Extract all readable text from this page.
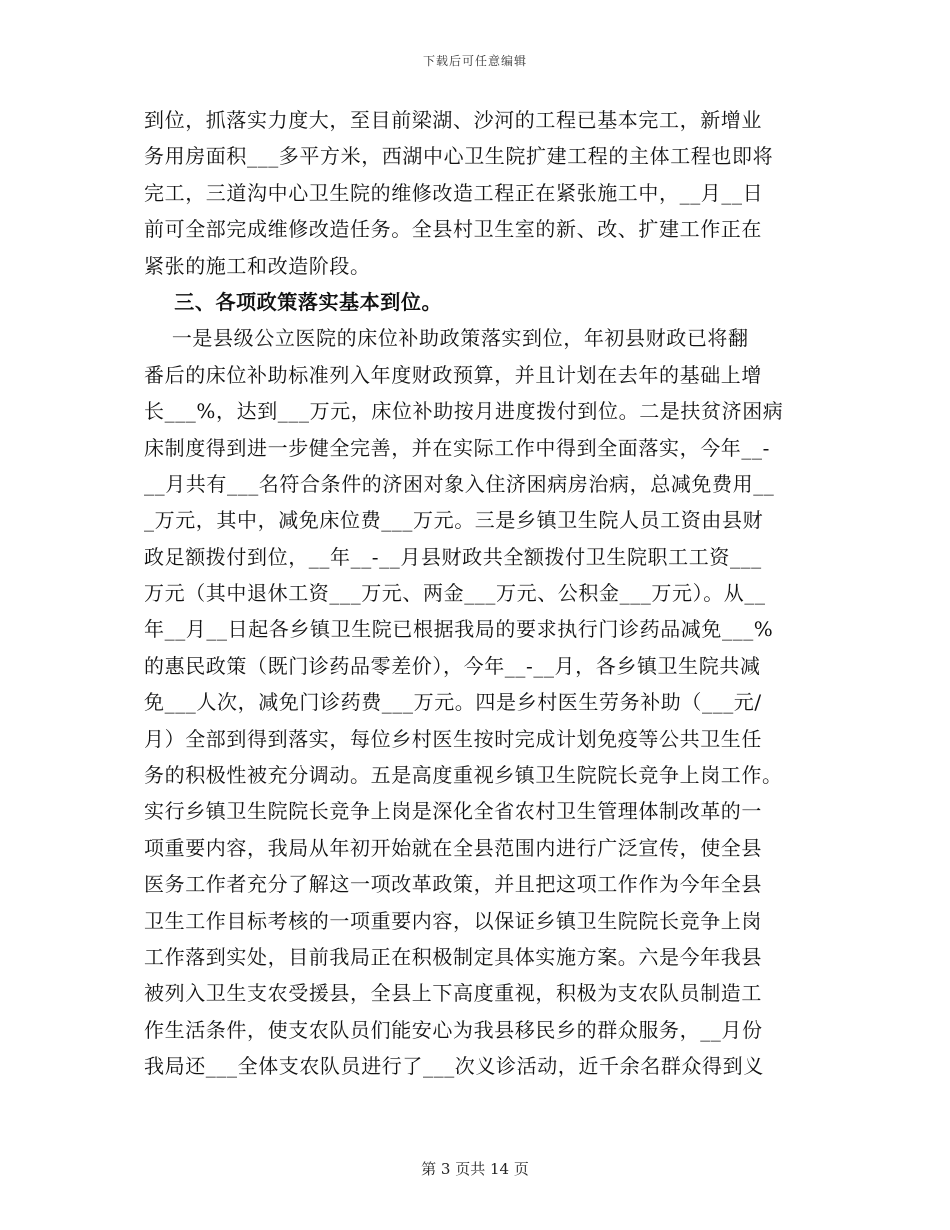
下载后可任意编辑
到位，抓落实力度大，至目前梁湖、沙河的工程已基本完工，新增业
务用房面积___多平方米，西湖中心卫生院扩建工程的主体工程也即将
完工，三道沟中心卫生院的维修改造工程正在紧张施工中，__月__日
前可全部完成维修改造任务。全县村卫生室的新、改、扩建工作正在
紧张的施工和改造阶段。
三、各项政策落实基本到位。
一是县级公立医院的床位补助政策落实到位，年初县财政已将翻
番后的床位补助标准列入年度财政预算，并且计划在去年的基础上增
长___%，达到___万元，床位补助按月进度拨付到位。二是扶贫济困病
床制度得到进一步健全完善，并在实际工作中得到全面落实，今年__-
__月共有___名符合条件的济困对象入住济困病房治病，总减免费用__
_万元，其中，减免床位费___万元。三是乡镇卫生院人员工资由县财
政足额拨付到位，__年__-__月县财政共全额拨付卫生院职工工资___
万元（其中退休工资___万元、两金___万元、公积金___万元）。从__
年__月__日起各乡镇卫生院已根据我局的要求执行门诊药品减免___%
的惠民政策（既门诊药品零差价），今年__-__月，各乡镇卫生院共减
免___人次，减免门诊药费___万元。四是乡村医生劳务补助（___元/
月）全部到得到落实，每位乡村医生按时完成计划免疫等公共卫生任
务的积极性被充分调动。五是高度重视乡镇卫生院院长竞争上岗工作。
实行乡镇卫生院院长竞争上岗是深化全省农村卫生管理体制改革的一
项重要内容，我局从年初开始就在全县范围内进行广泛宣传，使全县
医务工作者充分了解这一项改革政策，并且把这项工作作为今年全县
卫生工作目标考核的一项重要内容，以保证乡镇卫生院院长竞争上岗
工作落到实处，目前我局正在积极制定具体实施方案。六是今年我县
被列入卫生支农受援县，全县上下高度重视，积极为支农队员制造工
作生活条件，使支农队员们能安心为我县移民乡的群众服务，__月份
我局还___全体支农队员进行了___次义诊活动，近千余名群众得到义
第 3 页共 14 页
